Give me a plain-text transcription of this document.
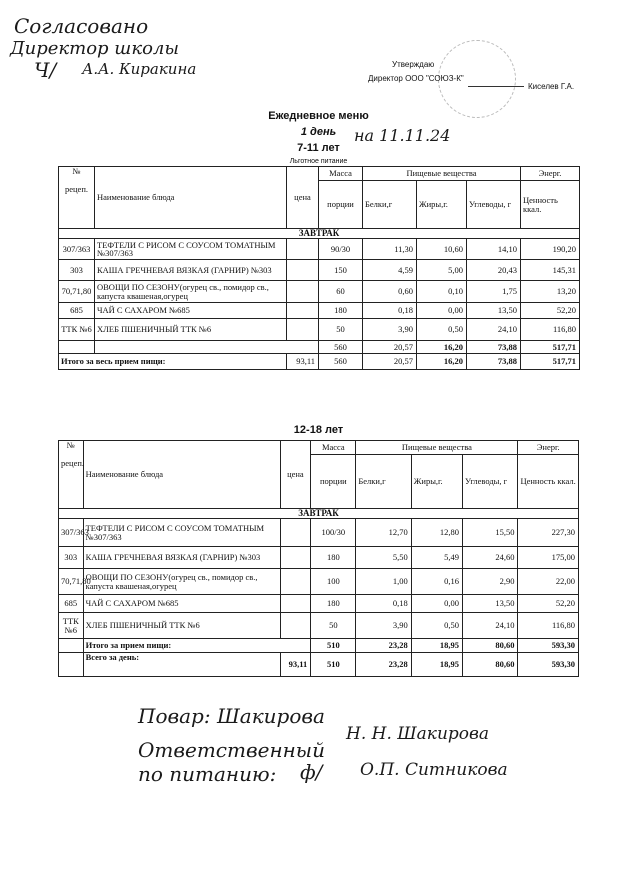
Согласовано
Директор школы
А.А. Киракина
Ч/	Утверждаю
Директор ООО "СОЮЗ-К"
Киселев Г.А.
Ежедневное меню
1 день	на 11.11.24
7-11 лет
Льготное питание
№

рецеп.	Наименование блюда	цена	Масса	Пищевые вещества			Энерг.
			порции	Белки,г	Жиры,г.	Углеводы, г	Ценность ккал.

ЗАВТРАК							
307/363	ТЕФТЕЛИ С РИСОМ С СОУСОМ ТОМАТНЫМ №307/363		90/30	11,30	10,60	14,10	190,20
303	КАША ГРЕЧНЕВАЯ ВЯЗКАЯ (ГАРНИР) №303		150	4,59	5,00	20,43	145,31
70,71,80	ОВОЩИ ПО СЕЗОНУ(огурец св., помидор св., капуста квашеная,огурец		60	0,60	0,10	1,75	13,20
685	ЧАЙ С САХАРОМ №685		180	0,18	0,00	13,50	52,20
ТТК №6	ХЛЕБ ПШЕНИЧНЫЙ ТТК №6		50	3,90	0,50	24,10	116,80
			560	20,57	16,20	73,88	517,71
Итого за весь прием пищи:		93,11	560	20,57	16,20	73,88	517,71
12-18 лет
№

рецеп.	Наименование блюда	цена	Масса	Пищевые вещества			Энерг.
			порции	Белки,г	Жиры,г.	Углеводы, г	Ценность ккал.

ЗАВТРАК							
307/363	ТЕФТЕЛИ С РИСОМ С СОУСОМ ТОМАТНЫМ №307/363		100/30	12,70	12,80	15,50	227,30
303	КАША ГРЕЧНЕВАЯ ВЯЗКАЯ (ГАРНИР) №303		180	5,50	5,49	24,60	175,00
70,71,80	ОВОЩИ ПО СЕЗОНУ(огурец св., помидор св., капуста квашеная,огурец		100	1,00	0,16	2,90	22,00
685	ЧАЙ С САХАРОМ №685		180	0,18	0,00	13,50	52,20
ТТК №6	ХЛЕБ ПШЕНИЧНЫЙ ТТК №6		50	3,90	0,50	24,10	116,80
	Итого за прием пищи:		510	23,28	18,95	80,60	593,30
	Всего за день:	93,11	510	23,28	18,95	80,60	593,30
Повар: Шакирова
Н. Н. Шакирова
Ответственный
по питанию: ф/ О.П. Ситникова
